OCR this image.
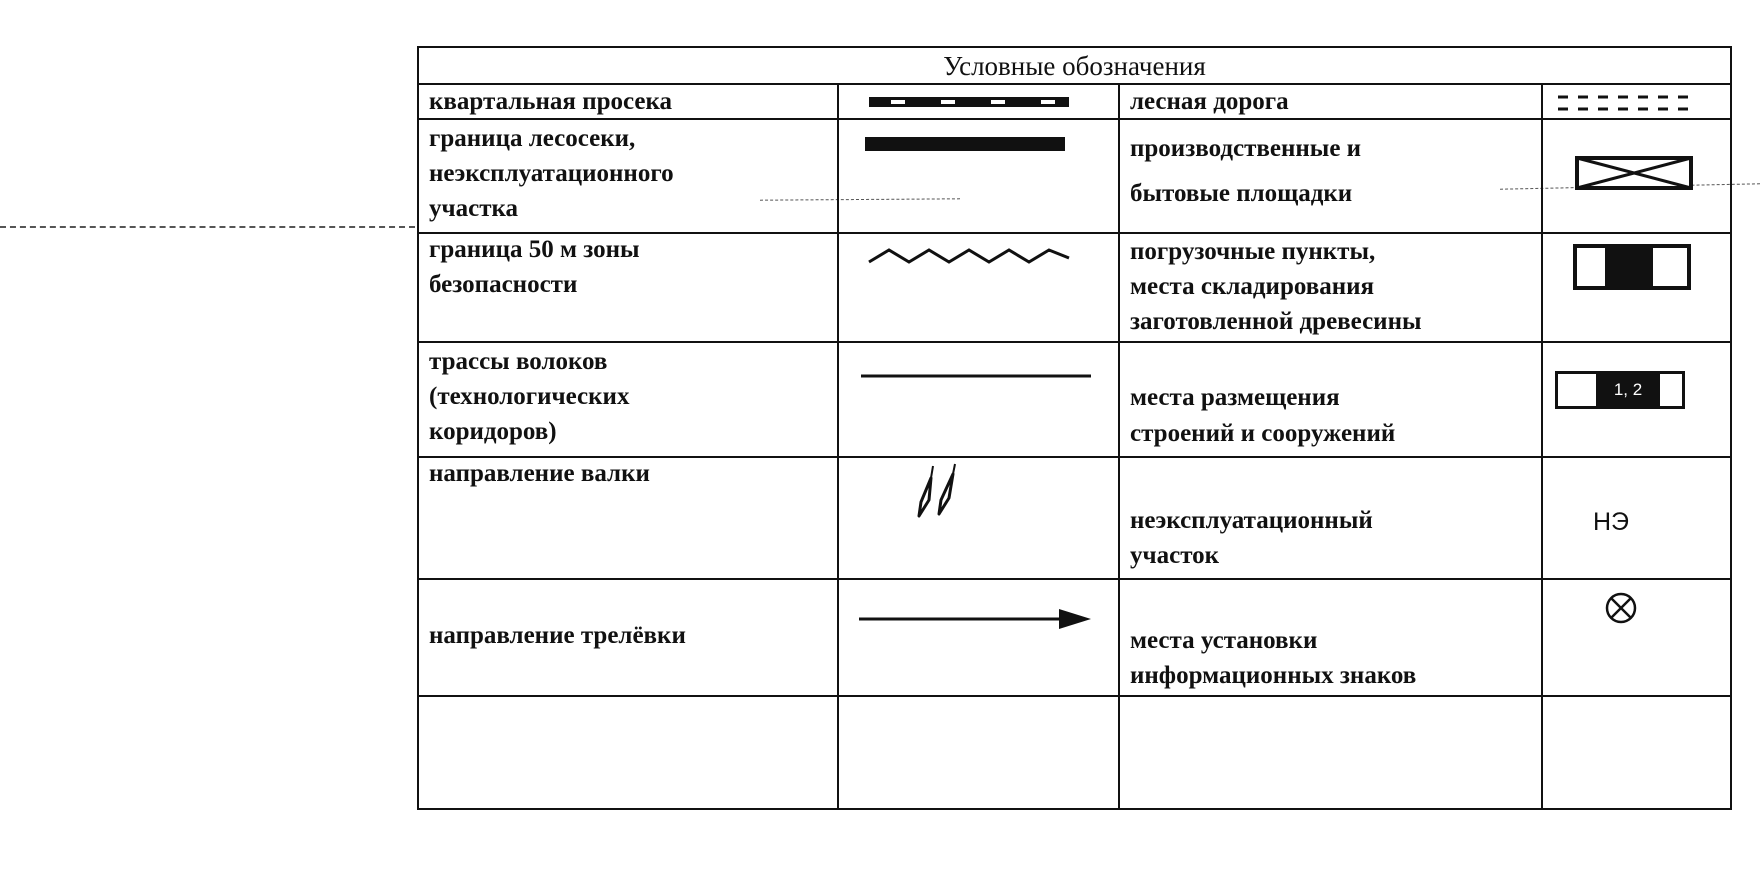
Условные обозначения
квартальная просека	лесная дорога
граница лесосеки,
неэксплуатационного
участка
производственные и
бытовые площадки
граница 50 м зоны
безопасности
погрузочные пункты,
места складирования
заготовленной древесины
трассы волоков
(технологических
коридоров)
места размещения
строений и сооружений
1, 2
направление валки
неэксплуатационный
участок
НЭ
направление трелёвки	места установки
информационных знаков
